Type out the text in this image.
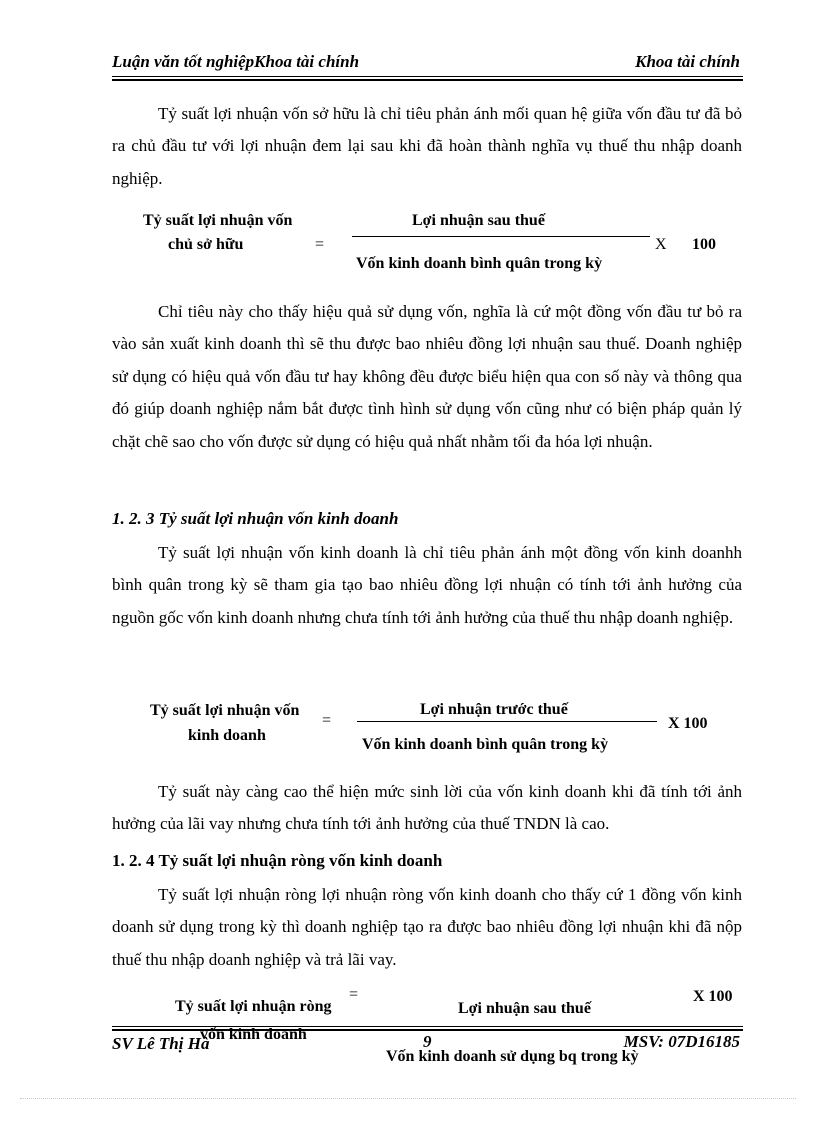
Luận văn tốt nghiệpKhoa tài chính	Khoa tài chính

Tỷ suất lợi nhuận vốn sở hữu là chỉ tiêu phản ánh mối quan hệ giữa vốn đầu tư đã bỏ ra chủ đầu tư với lợi nhuận đem lại sau khi đã hoàn thành nghĩa vụ thuế thu nhập doanh nghiệp.

Tỷ suất lợi nhuận vốn
chủ sở hữu	=
Lợi nhuận sau thuế
Vốn kinh doanh bình quân trong kỳ
X 100

Chỉ tiêu này cho thấy hiệu quả sử dụng vốn, nghĩa là cứ một đồng vốn đầu tư bỏ ra vào sản xuất kinh doanh thì sẽ thu được bao nhiêu đồng lợi nhuận sau thuế. Doanh nghiệp sử dụng có hiệu quả vốn đầu tư hay không đều được biểu hiện qua con số này và thông qua đó giúp doanh nghiệp nắm bắt được tình hình sử dụng vốn cũng như có biện pháp quản lý chặt chẽ sao cho vốn được sử dụng có hiệu quả nhất nhằm tối đa hóa lợi nhuận.

1. 2. 3 Tỷ suất lợi nhuận vốn kinh doanh

Tỷ suất lợi nhuận vốn kinh doanh là chỉ tiêu phản ánh một đồng vốn kinh doanhh bình quân trong kỳ sẽ tham gia tạo bao nhiêu đồng lợi nhuận có tính tới ảnh hưởng của nguồn gốc vốn kinh doanh nhưng chưa tính tới ảnh hưởng của thuế thu nhập doanh nghiệp.

Tỷ suất lợi nhuận vốn
kinh doanh
=
Lợi nhuận trước thuế
Vốn kinh doanh bình quân trong kỳ
X 100

Tỷ suất này càng cao thể hiện mức sinh lời của vốn kinh doanh khi đã tính tới ảnh hưởng của lãi vay nhưng chưa tính tới ảnh hưởng của thuế TNDN là cao.

1. 2. 4 Tỷ suất lợi nhuận ròng vốn kinh doanh

Tỷ suất lợi nhuận ròng lợi nhuận ròng vốn kinh doanh cho thấy cứ 1 đồng vốn kinh doanh sử dụng trong kỳ thì doanh nghiệp tạo ra được bao nhiêu đồng lợi nhuận khi đã nộp thuế thu nhập doanh nghiệp và trả lãi vay.

Tỷ suất lợi nhuận ròng
vốn kinh doanh
=
Lợi nhuận sau thuế
X 100
Vốn kinh doanh sử dụng bq trong kỳ
SV Lê Thị Hà	9	MSV: 07D16185
